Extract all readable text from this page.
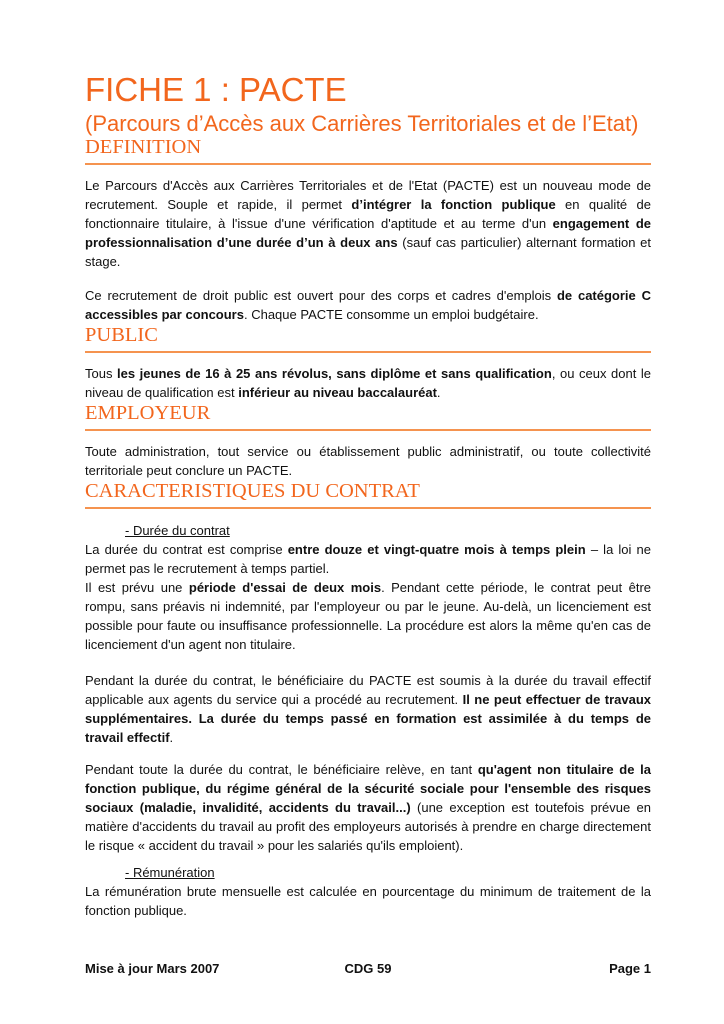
FICHE 1 : PACTE
(Parcours d’Accès aux Carrières Territoriales et de l’Etat)
DEFINITION

Le Parcours d'Accès aux Carrières Territoriales et de l'Etat (PACTE) est un nouveau mode de recrutement. Souple et rapide, il permet d’intégrer la fonction publique en qualité de fonctionnaire titulaire, à l'issue d'une vérification d'aptitude et au terme d'un engagement de professionnalisation d’une durée d’un à deux ans (sauf cas particulier) alternant formation et stage.

Ce recrutement de droit public est ouvert pour des corps et cadres d'emplois de catégorie C accessibles par concours. Chaque PACTE consomme un emploi budgétaire.

PUBLIC

Tous les jeunes de 16 à 25 ans révolus, sans diplôme et sans qualification, ou ceux dont le niveau de qualification est inférieur au niveau baccalauréat.

EMPLOYEUR

Toute administration, tout service ou établissement public administratif, ou toute collectivité territoriale peut conclure un PACTE.

CARACTERISTIQUES DU CONTRAT

- Durée du contrat

La durée du contrat est comprise entre douze et vingt-quatre mois à temps plein – la loi ne permet pas le recrutement à temps partiel.

Il est prévu une période d'essai de deux mois. Pendant cette période, le contrat peut être rompu, sans préavis ni indemnité, par l'employeur ou par le jeune. Au-delà, un licenciement est possible pour faute ou insuffisance professionnelle. La procédure est alors la même qu'en cas de licenciement d'un agent non titulaire.

Pendant la durée du contrat, le bénéficiaire du PACTE est soumis à la durée du travail effectif applicable aux agents du service qui a procédé au recrutement. Il ne peut effectuer de travaux supplémentaires. La durée du temps passé en formation est assimilée à du temps de travail effectif.

Pendant toute la durée du contrat, le bénéficiaire relève, en tant qu'agent non titulaire de la fonction publique, du régime général de la sécurité sociale pour l'ensemble des risques sociaux (maladie, invalidité, accidents du travail...) (une exception est toutefois prévue en matière d'accidents du travail au profit des employeurs autorisés à prendre en charge directement le risque « accident du travail » pour les salariés qu'ils emploient).

- Rémunération

La rémunération brute mensuelle est calculée en pourcentage du minimum de traitement de la fonction publique.

Mise à jour Mars 2007	CDG 59	Page 1
